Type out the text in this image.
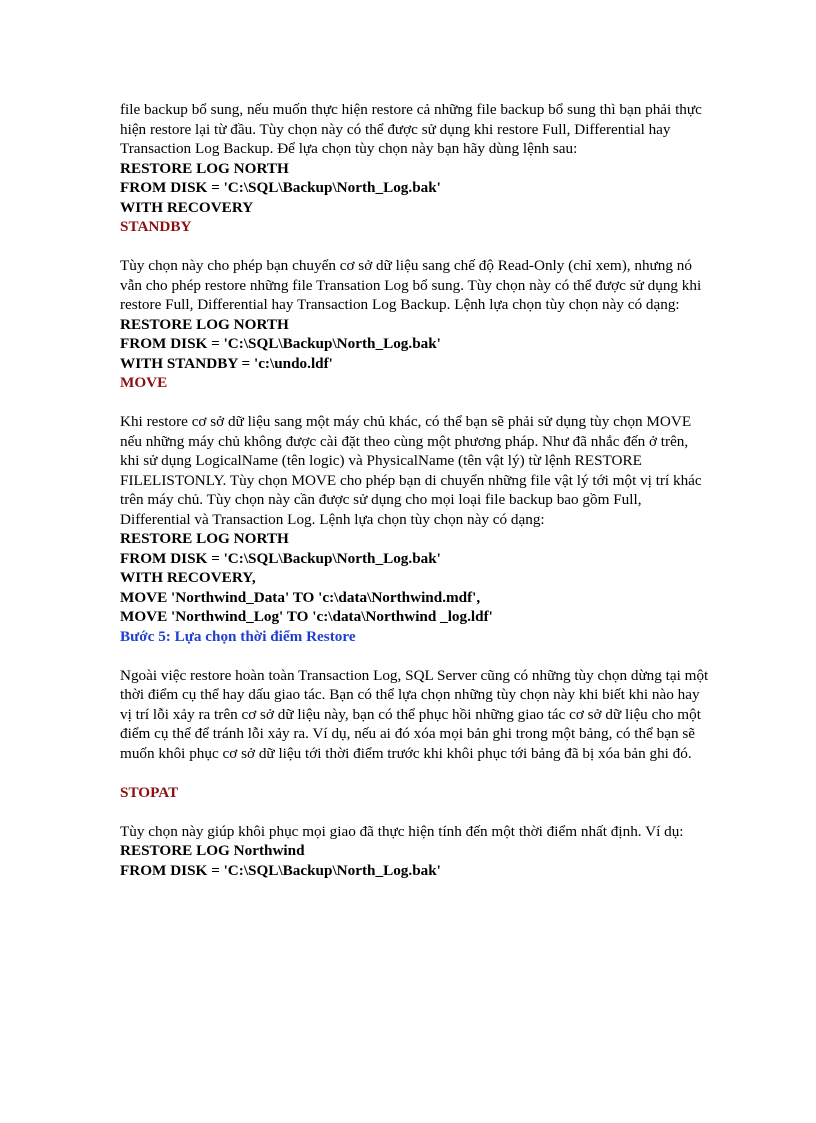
file backup bổ sung, nếu muốn thực hiện restore cả những file backup bổ sung thì bạn phải thực hiện restore lại từ đầu. Tùy chọn này có thể được sử dụng khi restore Full, Differential hay Transaction Log Backup. Để lựa chọn tùy chọn này bạn hãy dùng lệnh sau:

RESTORE LOG NORTH

FROM DISK = 'C:\SQL\Backup\North_Log.bak'

WITH RECOVERY

STANDBY

Tùy chọn này cho phép bạn chuyển cơ sở dữ liệu sang chế độ Read-Only (chỉ xem), nhưng nó vẫn cho phép restore những file Transation Log bổ sung. Tùy chọn này có thể được sử dụng khi restore Full, Differential hay Transaction Log Backup. Lệnh lựa chọn tùy chọn này có dạng:

RESTORE LOG NORTH

FROM DISK = 'C:\SQL\Backup\North_Log.bak'

WITH STANDBY = 'c:\undo.ldf'

MOVE

Khi restore cơ sở dữ liệu sang một máy chủ khác, có thể bạn sẽ phải sử dụng tùy chọn MOVE nếu những máy chủ không được cài đặt theo cùng một phương pháp. Như đã nhắc đến ở trên, khi sử dụng LogicalName (tên logic) và PhysicalName (tên vật lý) từ lệnh RESTORE FILELISTONLY. Tùy chọn MOVE cho phép bạn di chuyển những file vật lý tới một vị trí khác trên máy chủ. Tùy chọn này cần được sử dụng cho mọi loại file backup bao gồm Full, Differential và Transaction Log. Lệnh lựa chọn tùy chọn này có dạng:

RESTORE LOG NORTH

FROM DISK = 'C:\SQL\Backup\North_Log.bak'

WITH RECOVERY,

MOVE 'Northwind_Data' TO 'c:\data\Northwind.mdf',

MOVE 'Northwind_Log' TO 'c:\data\Northwind _log.ldf'

Bước 5: Lựa chọn thời điểm Restore

Ngoài việc restore hoàn toàn Transaction Log, SQL Server cũng có những tùy chọn dừng tại một thời điểm cụ thể hay dấu giao tác. Bạn có thể lựa chọn những tùy chọn này khi biết khi nào hay vị trí lỗi xảy ra trên cơ sở dữ liệu này, bạn có thể phục hồi những giao tác cơ sở dữ liệu cho một điểm cụ thể để tránh lỗi xảy ra. Ví dụ, nếu ai đó xóa mọi bản ghi trong một bảng, có thể bạn sẽ muốn khôi phục cơ sở dữ liệu tới thời điểm trước khi khôi phục tới bảng đã bị xóa bản ghi đó.

STOPAT

Tùy chọn này giúp khôi phục mọi giao đã thực hiện tính đến một thời điểm nhất định. Ví dụ:

RESTORE LOG Northwind

FROM DISK = 'C:\SQL\Backup\North_Log.bak'
